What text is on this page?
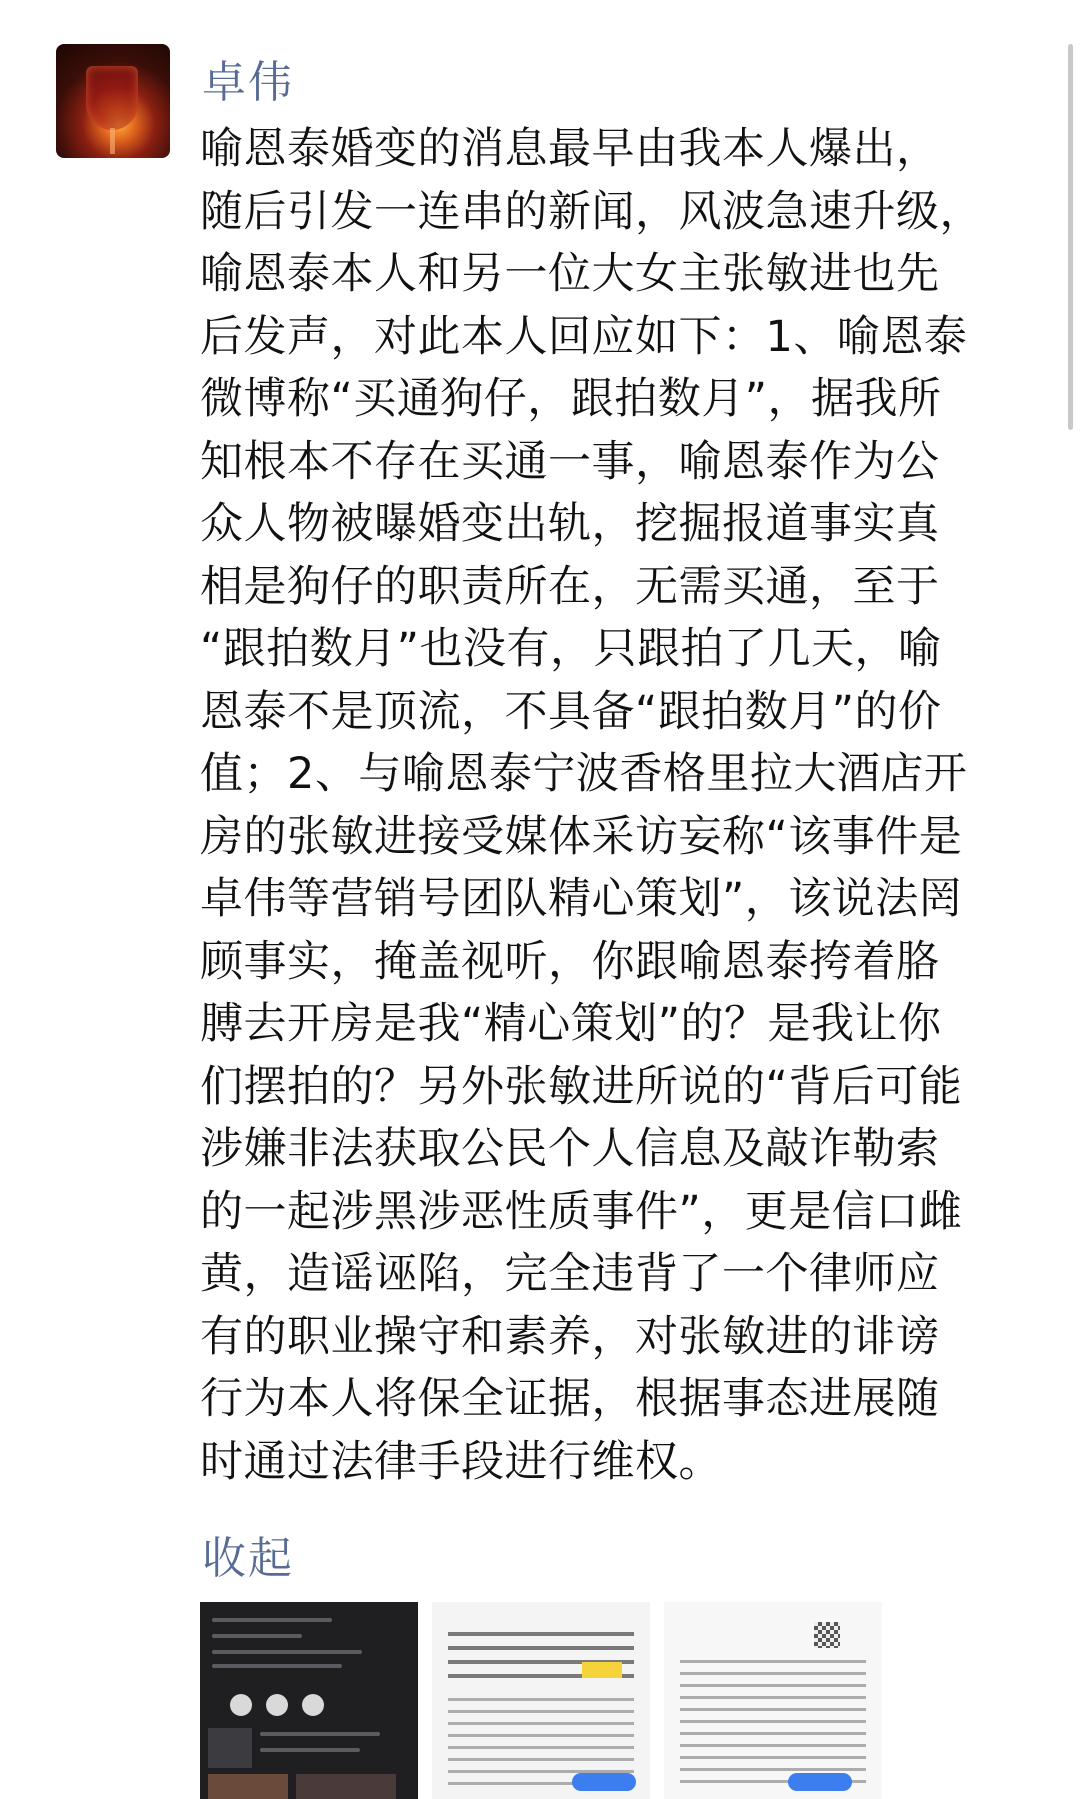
卓伟
喻恩泰婚变的消息最早由我本人爆出，
随后引发一连串的新闻，风波急速升级，
喻恩泰本人和另一位大女主张敏进也先
后发声，对此本人回应如下：1、喻恩泰
微博称“买通狗仔，跟拍数月”，据我所
知根本不存在买通一事，喻恩泰作为公
众人物被曝婚变出轨，挖掘报道事实真
相是狗仔的职责所在，无需买通，至于
“跟拍数月”也没有，只跟拍了几天，喻
恩泰不是顶流，不具备“跟拍数月”的价
值；2、与喻恩泰宁波香格里拉大酒店开
房的张敏进接受媒体采访妄称“该事件是
卓伟等营销号团队精心策划”，该说法罔
顾事实，掩盖视听，你跟喻恩泰挎着胳
膊去开房是我“精心策划”的？是我让你
们摆拍的？另外张敏进所说的“背后可能
涉嫌非法获取公民个人信息及敲诈勒索
的一起涉黑涉恶性质事件”，更是信口雌
黄，造谣诬陷，完全违背了一个律师应
有的职业操守和素养，对张敏进的诽谤
行为本人将保全证据，根据事态进展随
时通过法律手段进行维权。
收起
